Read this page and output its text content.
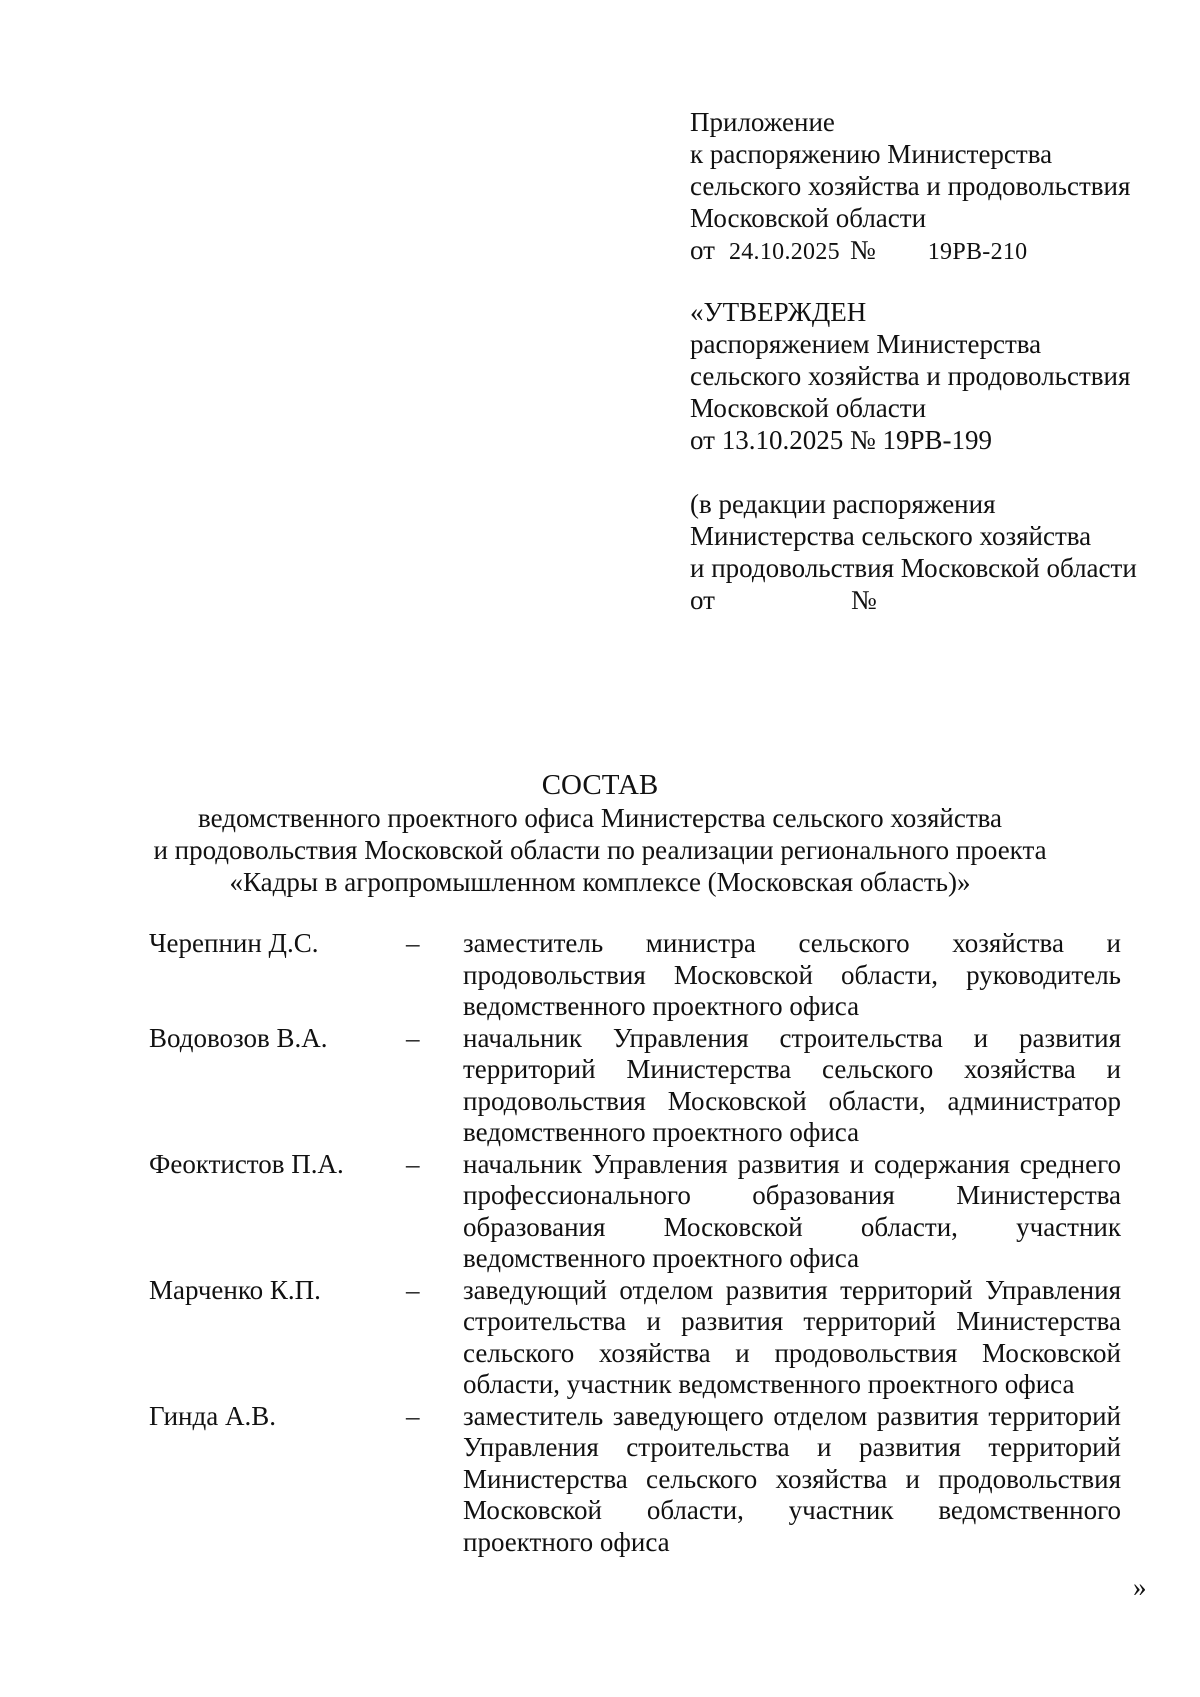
Приложение
к распоряжению Министерства
сельского хозяйства и продовольствия
Московской области
от 24.10.2025 № 19РВ-210
«УТВЕРЖДЕН
распоряжением Министерства
сельского хозяйства и продовольствия
Московской области
от 13.10.2025 № 19РВ-199
(в редакции распоряжения
Министерства сельского хозяйства
и продовольствия Московской области
от	№
СОСТАВ
ведомственного проектного офиса Министерства сельского хозяйства
и продовольствия Московской области по реализации регионального проекта
«Кадры в агропромышленном комплексе (Московская область)»
Черепнин Д.С.	– заместитель министра сельского хозяйства и продовольствия Московской области, руководитель ведомственного проектного офиса
Водовозов В.А.	– начальник Управления строительства и развития территорий Министерства сельского хозяйства и продовольствия Московской области, администратор ведомственного проектного офиса
Феоктистов П.А. – начальник Управления развития и содержания среднего профессионального образования Министерства образования Московской области, участник ведомственного проектного офиса
Марченко К.П.	– заведующий отделом развития территорий Управления строительства и развития территорий Министерства сельского хозяйства и продовольствия Московской области, участник ведомственного проектного офиса
Гинда А.В.	– заместитель заведующего отделом развития территорий Управления строительства и развития территорий Министерства сельского хозяйства и продовольствия Московской области, участник ведомственного проектного офиса
»
